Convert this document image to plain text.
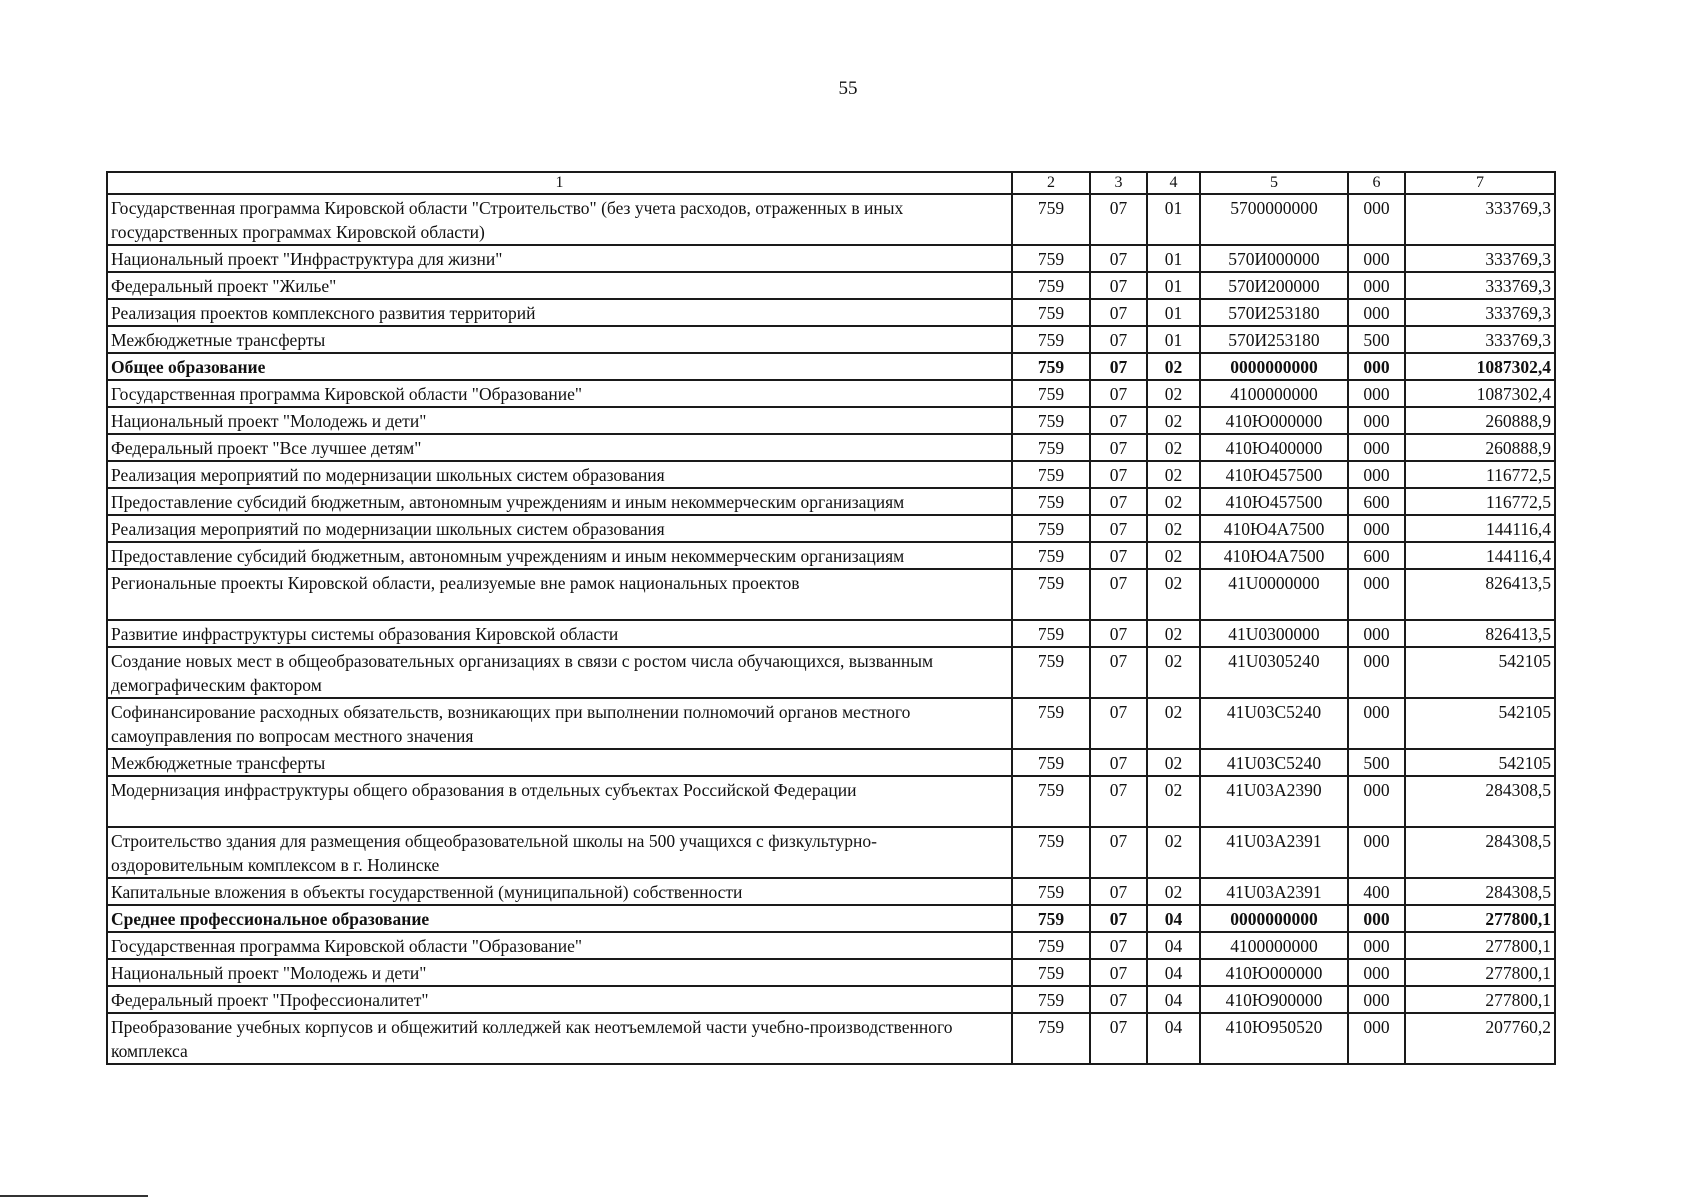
55
1	2	3	4	5	6	7
Государственная программа Кировской области "Строительство" (без учета расходов, отраженных в иных государственных программах Кировской области)	759	07	01	5700000000	000	333769,3
Национальный проект "Инфраструктура для жизни"	759	07	01	570И000000	000	333769,3
Федеральный проект "Жилье"	759	07	01	570И200000	000	333769,3
Реализация проектов комплексного развития территорий	759	07	01	570И253180	000	333769,3
Межбюджетные трансферты	759	07	01	570И253180	500	333769,3
Общее образование	759	07	02	0000000000	000	1087302,4
Государственная программа Кировской области "Образование"	759	07	02	4100000000	000	1087302,4
Национальный проект "Молодежь и дети"	759	07	02	410Ю000000	000	260888,9
Федеральный проект "Все лучшее детям"	759	07	02	410Ю400000	000	260888,9
Реализация мероприятий по модернизации школьных систем образования	759	07	02	410Ю457500	000	116772,5
Предоставление субсидий бюджетным, автономным учреждениям и иным некоммерческим организациям	759	07	02	410Ю457500	600	116772,5
Реализация мероприятий по модернизации школьных систем образования	759	07	02	410Ю4А7500	000	144116,4
Предоставление субсидий бюджетным, автономным учреждениям и иным некоммерческим организациям	759	07	02	410Ю4А7500	600	144116,4
Региональные проекты Кировской области, реализуемые вне рамок национальных проектов	759	07	02	41U0000000	000	826413,5
Развитие инфраструктуры системы образования Кировской области	759	07	02	41U0300000	000	826413,5
Создание новых мест в общеобразовательных организациях в связи с ростом числа обучающихся, вызванным демографическим фактором	759	07	02	41U0305240	000	542105
Софинансирование расходных обязательств, возникающих при выполнении полномочий органов местного самоуправления по вопросам местного значения	759	07	02	41U03С5240	000	542105
Межбюджетные трансферты	759	07	02	41U03С5240	500	542105
Модернизация инфраструктуры общего образования в отдельных субъектах Российской Федерации	759	07	02	41U03А2390	000	284308,5
Строительство здания для размещения общеобразовательной школы на 500 учащихся с физкультурно-оздоровительным комплексом в г. Нолинске	759	07	02	41U03А2391	000	284308,5
Капитальные вложения в объекты государственной (муниципальной) собственности	759	07	02	41U03А2391	400	284308,5
Среднее профессиональное образование	759	07	04	0000000000	000	277800,1
Государственная программа Кировской области "Образование"	759	07	04	4100000000	000	277800,1
Национальный проект "Молодежь и дети"	759	07	04	410Ю000000	000	277800,1
Федеральный проект "Профессионалитет"	759	07	04	410Ю900000	000	277800,1
Преобразование учебных корпусов и общежитий колледжей как неотъемлемой части учебно-производственного комплекса	759	07	04	410Ю950520	000	207760,2
